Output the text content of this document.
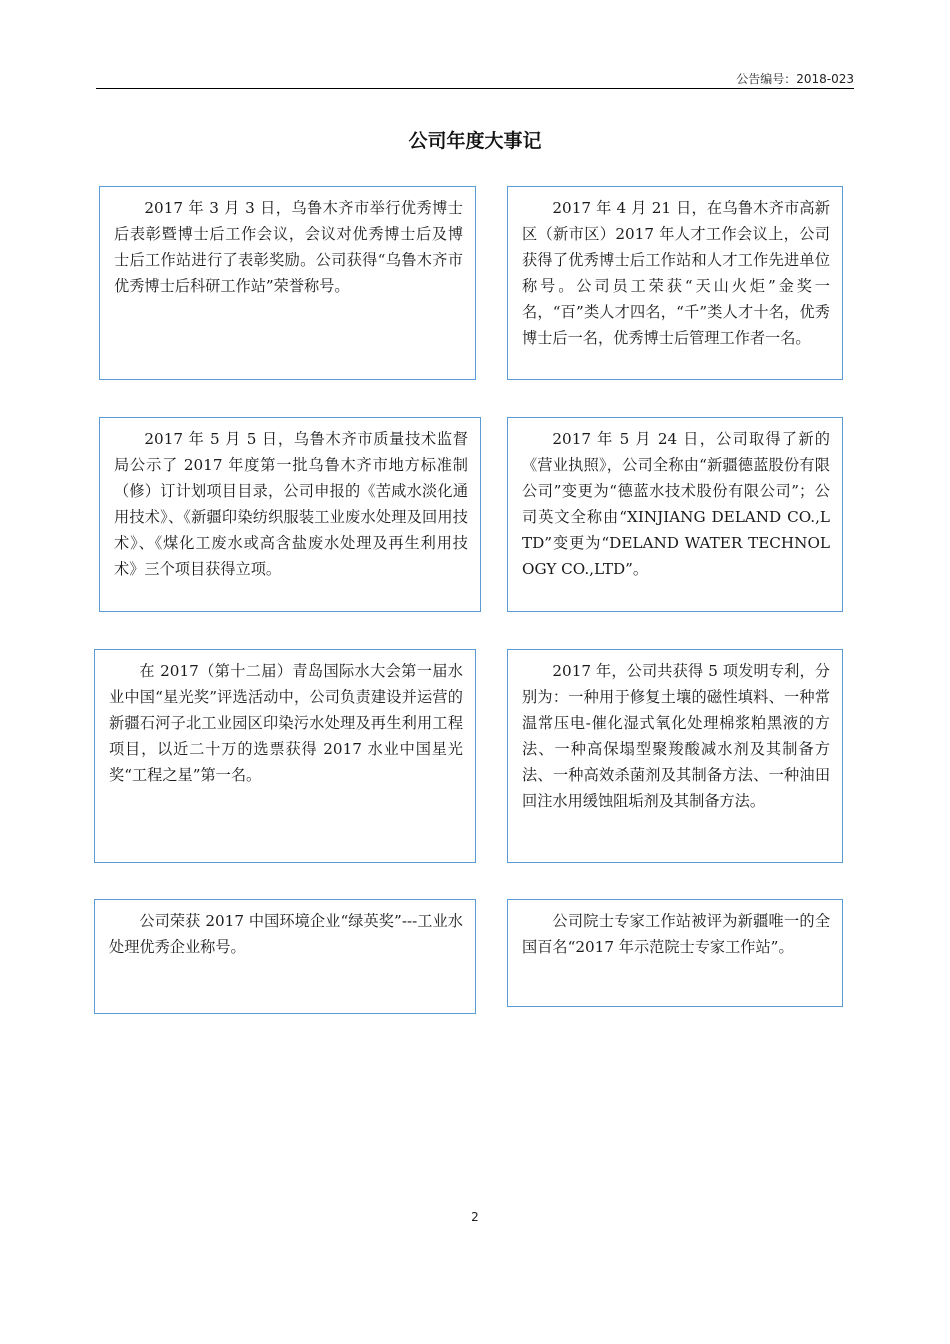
公告编号：2018-023
公司年度大事记

2017 年 3 月 3 日，乌鲁木齐市举行优秀博士后表彰暨博士后工作会议，会议对优秀博士后及博士后工作站进行了表彰奖励。公司获得“乌鲁木齐市优秀博士后科研工作站”荣誉称号。

2017 年 4 月 21 日，在乌鲁木齐市高新区（新市区）2017 年人才工作会议上，公司获得了优秀博士后工作站和人才工作先进单位称号。公司员工荣获“天山火炬”金奖一名，“百”类人才四名，“千”类人才十名，优秀博士后一名，优秀博士后管理工作者一名。

2017 年 5 月 5 日，乌鲁木齐市质量技术监督局公示了 2017 年度第一批乌鲁木齐市地方标准制（修）订计划项目目录，公司申报的《苦咸水淡化通用技术》、《新疆印染纺织服装工业废水处理及回用技术》、《煤化工废水或高含盐废水处理及再生利用技术》三个项目获得立项。

2017 年 5 月 24 日，公司取得了新的《营业执照》，公司全称由“新疆德蓝股份有限公司”变更为“德蓝水技术股份有限公司”；公司英文全称由“XINJIANG DELAND CO.,LTD”变更为“DELAND WATER TECHNOLOGY CO.,LTD”。

在 2017（第十二届）青岛国际水大会第一届水业中国“星光奖”评选活动中，公司负责建设并运营的新疆石河子北工业园区印染污水处理及再生利用工程项目，以近二十万的选票获得 2017 水业中国星光奖“工程之星”第一名。

2017 年，公司共获得 5 项发明专利，分别为：一种用于修复土壤的磁性填料、一种常温常压电-催化湿式氧化处理棉浆粕黑液的方法、一种高保塌型聚羧酸减水剂及其制备方法、一种高效杀菌剂及其制备方法、一种油田回注水用缓蚀阻垢剂及其制备方法。

公司荣获 2017 中国环境企业“绿英奖”---工业水处理优秀企业称号。

公司院士专家工作站被评为新疆唯一的全国百名“2017 年示范院士专家工作站”。

2
